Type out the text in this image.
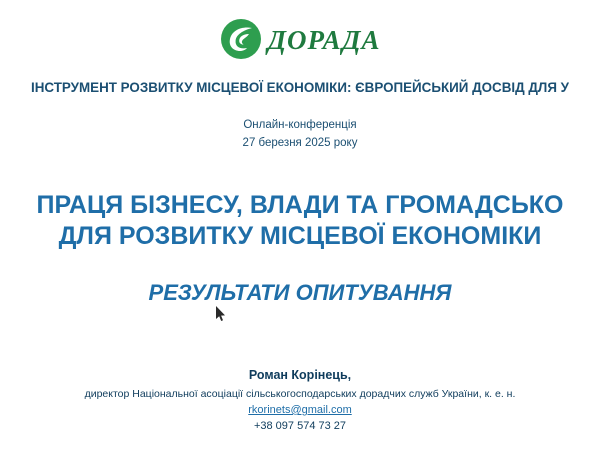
ДОРАДА
ІНСТРУМЕНТ РОЗВИТКУ МІСЦЕВОЇ ЕКОНОМІКИ: ЄВРОПЕЙСЬКИЙ ДОСВІД ДЛЯ У
Онлайн-конференція
27 березня 2025 року
ПРАЦЯ БІЗНЕСУ, ВЛАДИ ТА ГРОМАДСЬКО
ДЛЯ РОЗВИТКУ МІСЦЕВОЇ ЕКОНОМІКИ
РЕЗУЛЬТАТИ ОПИТУВАННЯ
Роман Корінець,
директор Національної асоціації сільськогосподарських дорадчих служб України, к. е. н.
rkorinets@gmail.com
+38 097 574 73 27
